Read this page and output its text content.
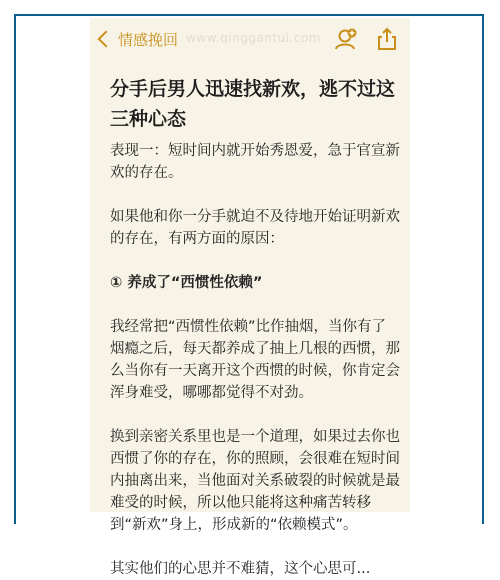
情感挽回 www.qinggantui.com
分手后男人迅速找新欢，逃不过这三种心态

表现一：短时间内就开始秀恩爱，急于官宣新欢的存在。

如果他和你一分手就迫不及待地开始证明新欢的存在，有两方面的原因：

① 养成了“西惯性依赖”

我经常把“西惯性依赖”比作抽烟，当你有了烟瘾之后，每天都养成了抽上几根的西惯，那么当你有一天离开这个西惯的时候，你肯定会浑身难受，哪哪都觉得不对劲。

换到亲密关系里也是一个道理，如果过去你也西惯了你的存在，你的照顾，会很难在短时间内抽离出来，当他面对关系破裂的时候就是最难受的时候，所以他只能将这种痛苦转移到“新欢”身上，形成新的“依赖模式”。

其实他们的心思并不难猜，这个心思可...
